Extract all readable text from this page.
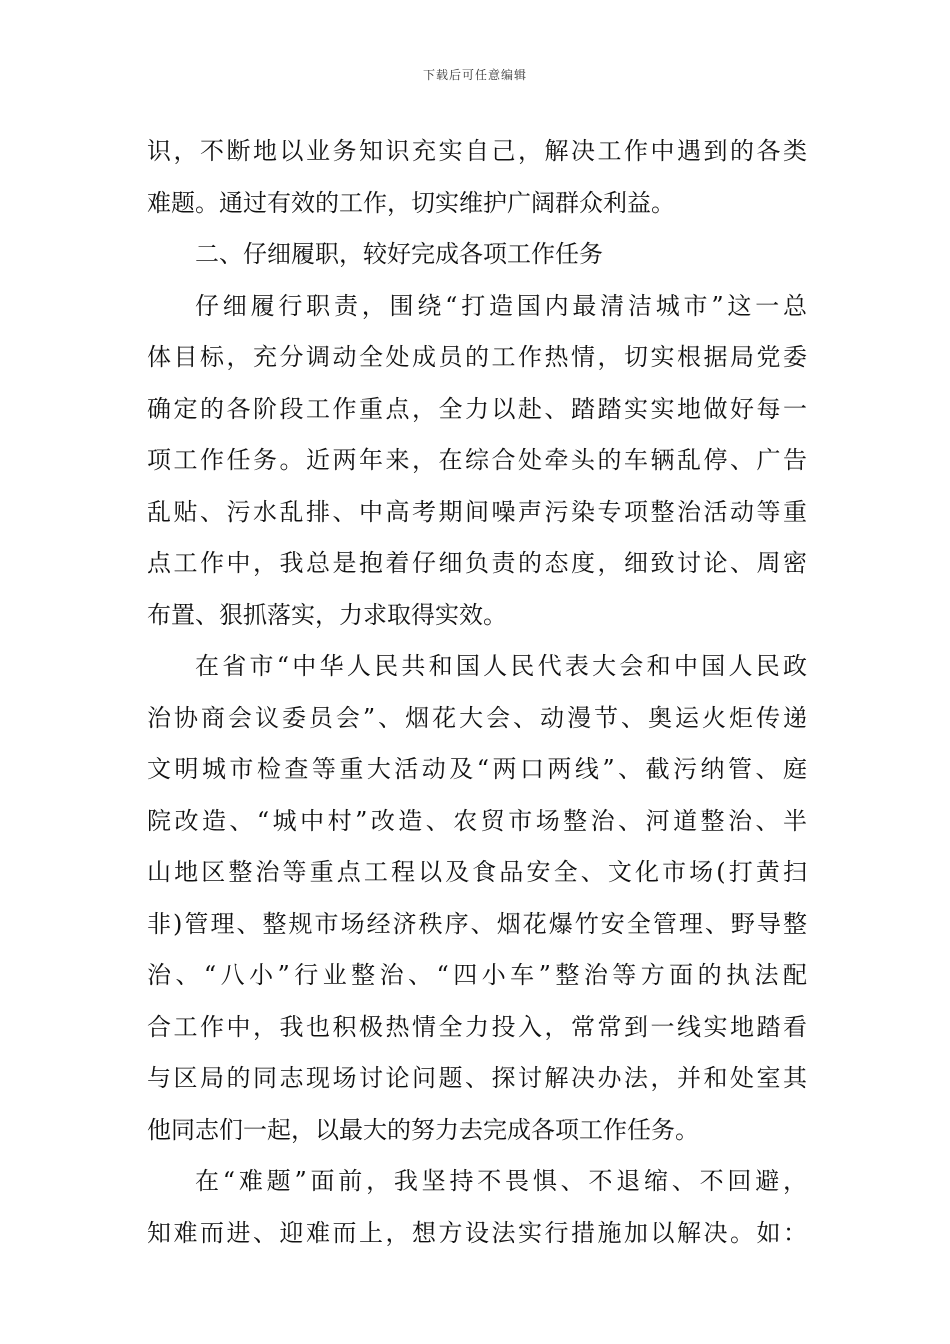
下载后可任意编辑
识，不断地以业务知识充实自己，解决工作中遇到的各类
难题。通过有效的工作，切实维护广阔群众利益。
二、仔细履职，较好完成各项工作任务
仔细履行职责，围绕“打造国内最清洁城市”这一总
体目标，充分调动全处成员的工作热情，切实根据局党委
确定的各阶段工作重点，全力以赴、踏踏实实地做好每一
项工作任务。近两年来，在综合处牵头的车辆乱停、广告
乱贴、污水乱排、中高考期间噪声污染专项整治活动等重
点工作中，我总是抱着仔细负责的态度，细致讨论、周密
布置、狠抓落实，力求取得实效。
在省市“中华人民共和国人民代表大会和中国人民政
治协商会议委员会”、烟花大会、动漫节、奥运火炬传递
文明城市检查等重大活动及“两口两线”、截污纳管、庭
院改造、“城中村”改造、农贸市场整治、河道整治、半
山地区整治等重点工程以及食品安全、文化市场(打黄扫
非)管理、整规市场经济秩序、烟花爆竹安全管理、野导整
治、“八小”行业整治、“四小车”整治等方面的执法配
合工作中，我也积极热情全力投入，常常到一线实地踏看
与区局的同志现场讨论问题、探讨解决办法，并和处室其
他同志们一起，以最大的努力去完成各项工作任务。
在“难题”面前，我坚持不畏惧、不退缩、不回避，
知难而进、迎难而上，想方设法实行措施加以解决。如：
